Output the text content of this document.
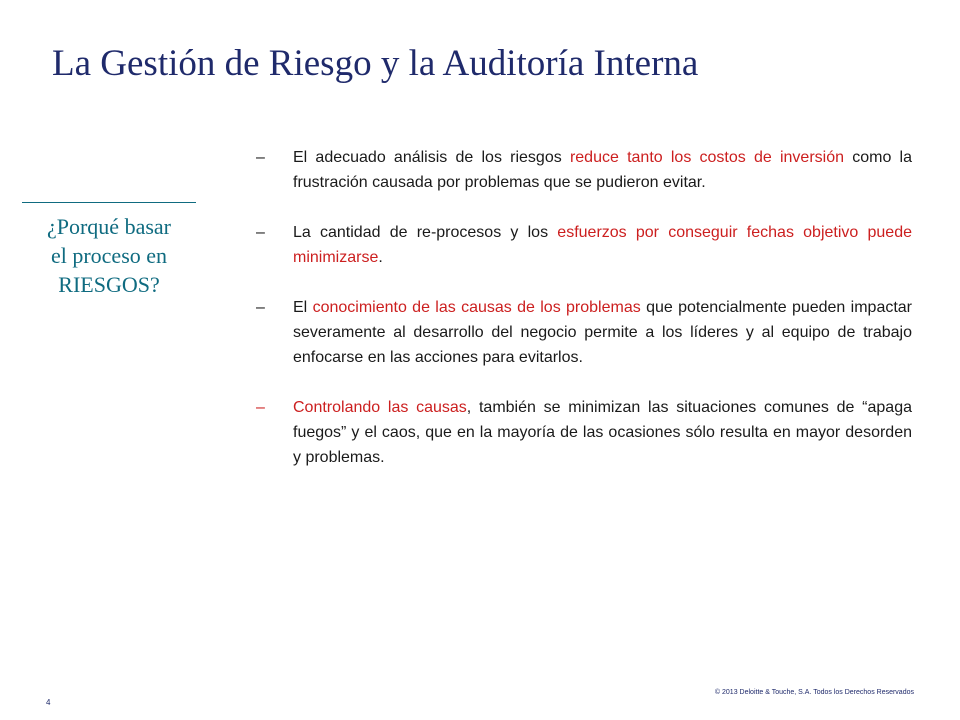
La Gestión de Riesgo y la Auditoría Interna
¿Porqué basar
el proceso en
RIESGOS?
– El adecuado análisis de los riesgos reduce tanto los costos de inversión como la frustración causada por problemas que se pudieron evitar.
– La cantidad de re-procesos y los esfuerzos por conseguir fechas objetivo puede minimizarse.
– El conocimiento de las causas de los problemas que potencialmente pueden impactar severamente al desarrollo del negocio permite a los líderes y al equipo de trabajo enfocarse en las acciones para evitarlos.
– Controlando las causas, también se minimizan las situaciones comunes de “apaga fuegos” y el caos, que en la mayoría de las ocasiones sólo resulta en mayor desorden y problemas.
4
© 2013 Deloitte & Touche, S.A. Todos los Derechos Reservados
